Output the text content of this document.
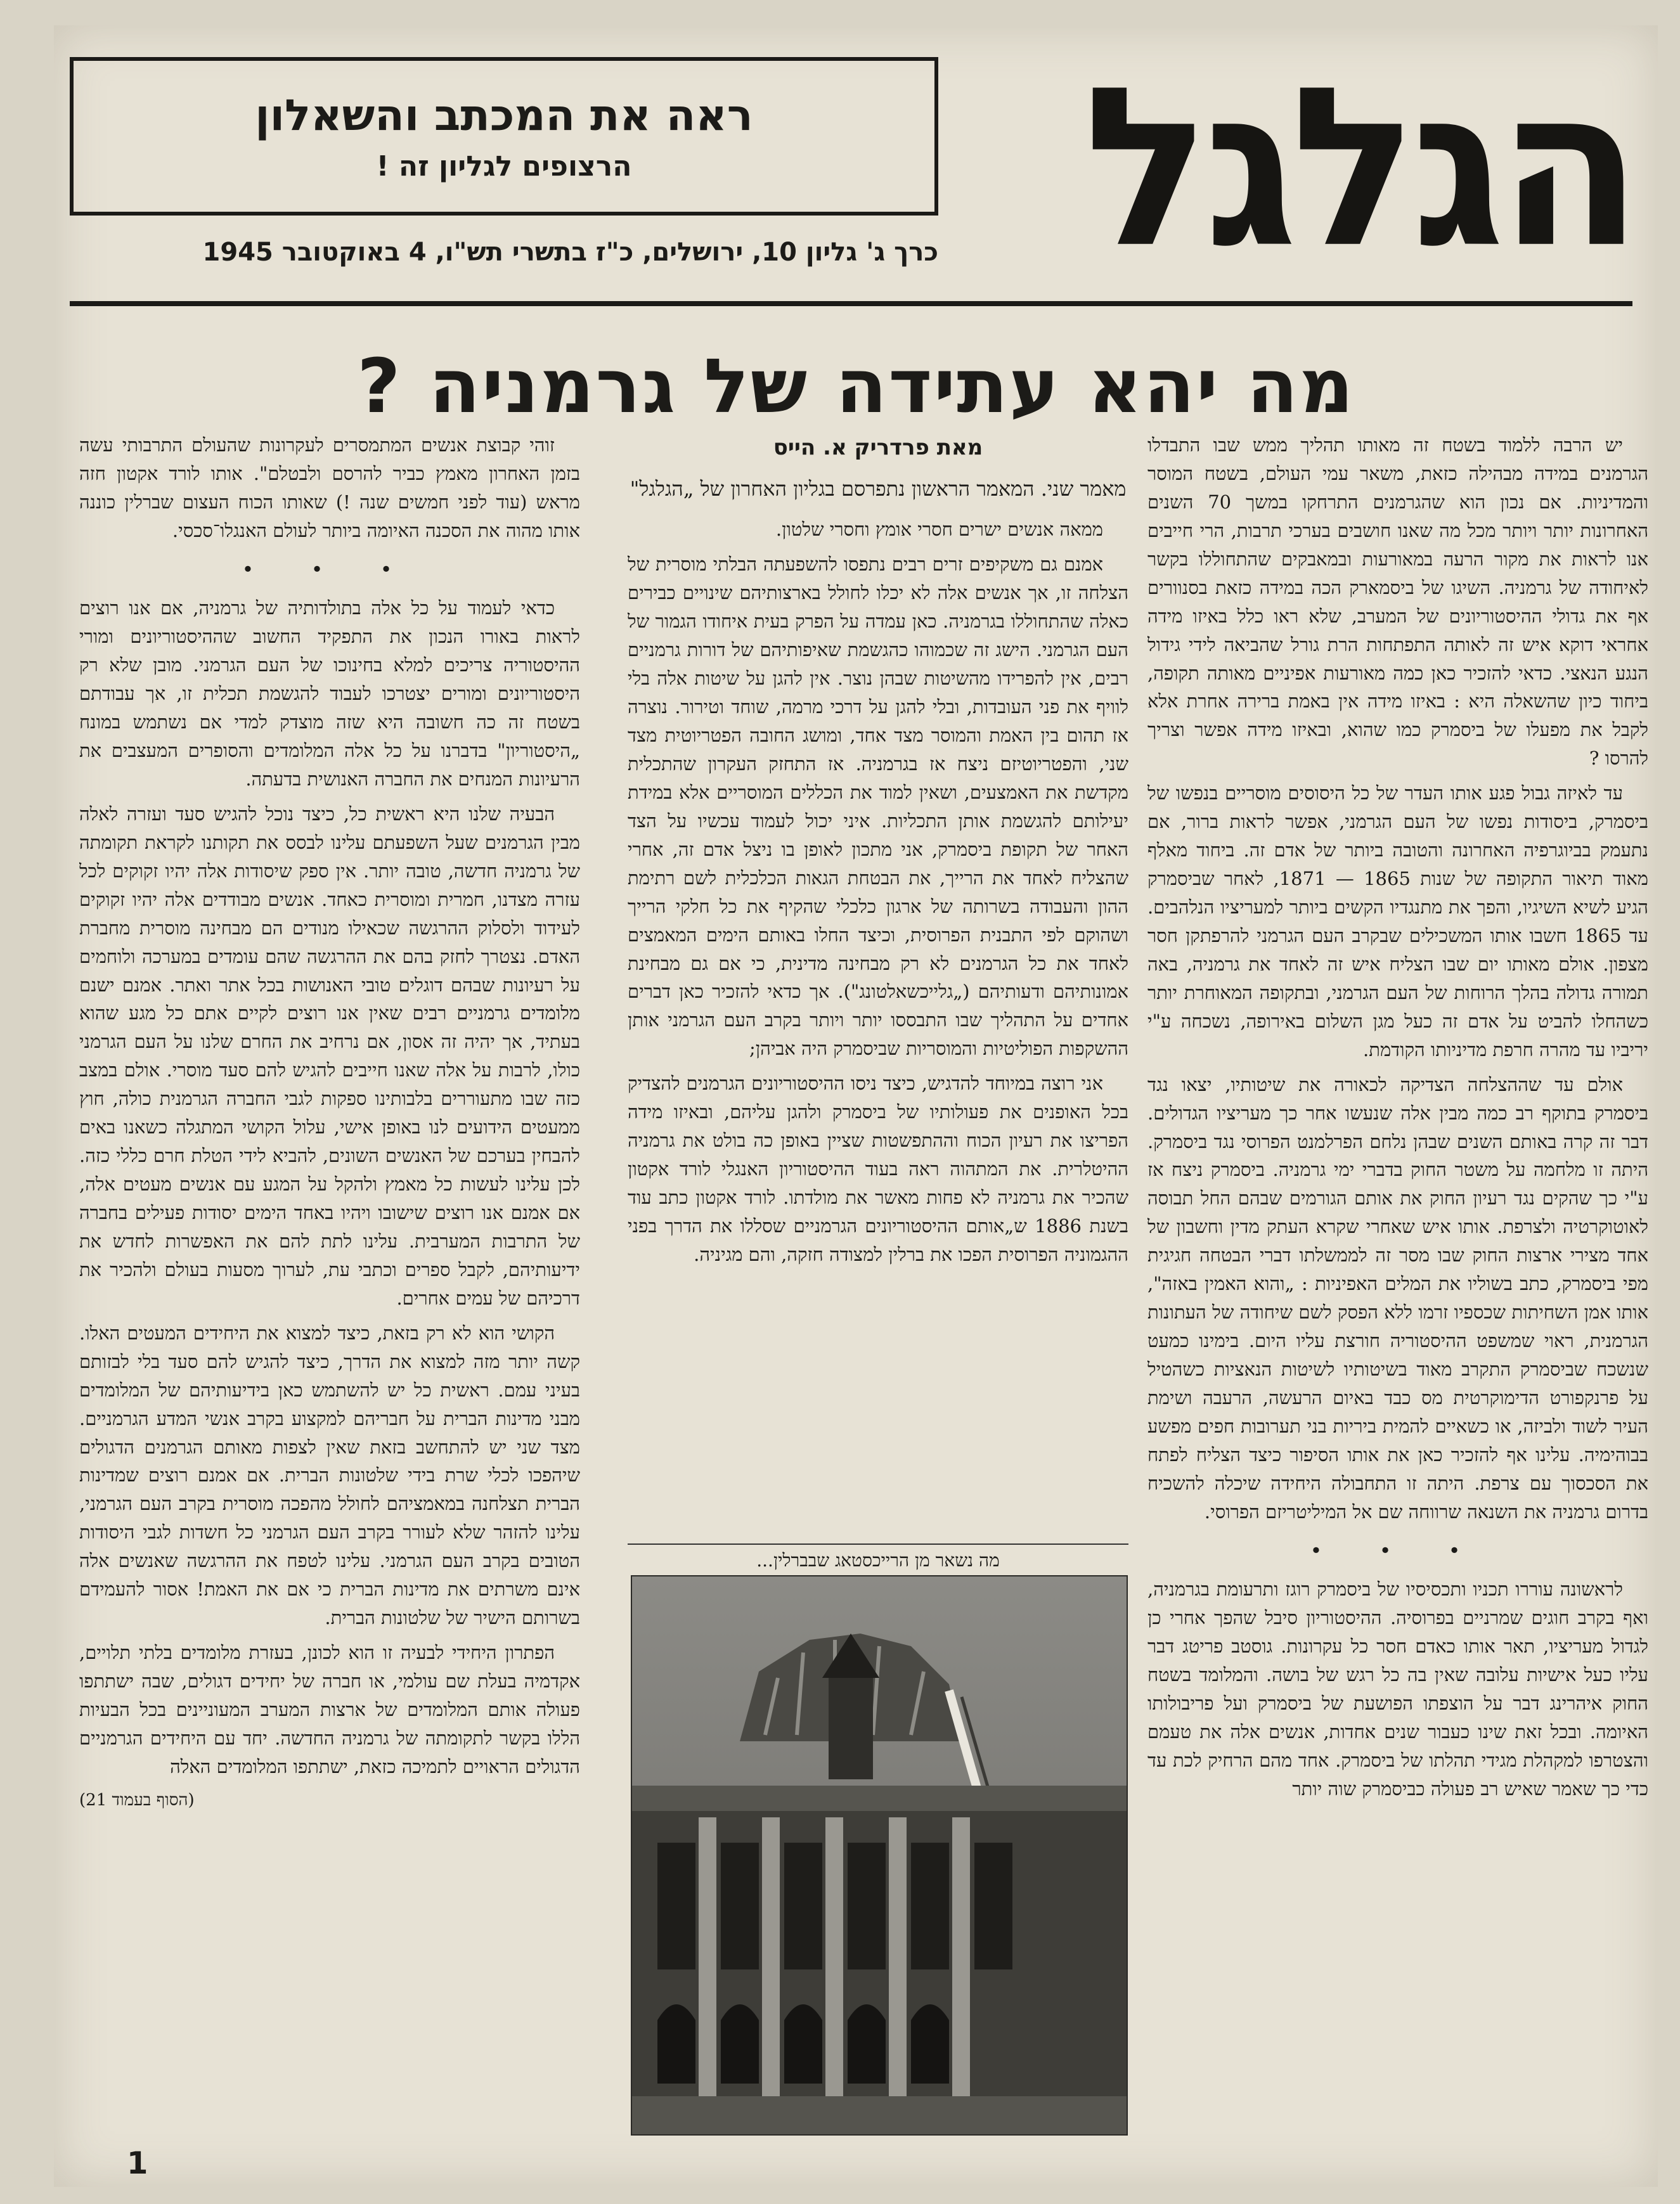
הגלגל
ראה את המכתב והשאלון
הרצופים לגליון זה !
כרך ג' גליון 10, ירושלים, כ"ז בתשרי תש"ו, 4 באוקטובר 1945
מה יהא עתידה של גרמניה ?

יש הרבה ללמוד בשטח זה מאותו תהליך ממש שבו התבדלו הגרמנים במידה מבהילה כזאת, משאר עמי העולם, בשטח המוסר והמדיניות. אם נכון הוא שהגרמנים התרחקו במשך 70 השנים האחרונות יותר ויותר מכל מה שאנו חושבים בערכי תרבות, הרי חייבים אנו לראות את מקור הרעה במאורעות ובמאבקים שהתחוללו בקשר לאיחודה של גרמניה. השיגו של ביסמארק הכה במידה כזאת בסנוורים אף את גדולי ההיסטוריונים של המערב, שלא ראו כלל באיזו מידה אחראי דוקא איש זה לאותה התפתחות הרת גורל שהביאה לידי גידול הנגע הנאצי. כדאי להזכיר כאן כמה מאורעות אפיניים מאותה תקופה, ביחוד כיון שהשאלה היא : באיזו מידה אין באמת ברירה אחרת אלא לקבל את מפעלו של ביסמרק כמו שהוא, ובאיזו מידה אפשר וצריך להרסו ?

עד לאיזה גבול פגע אותו העדר של כל היסוסים מוסריים בנפשו של ביסמרק, ביסודות נפשו של העם הגרמני, אפשר לראות ברור, אם נתעמק בביוגרפיה האחרונה והטובה ביותר של אדם זה. ביחוד מאלף מאוד תיאור התקופה של שנות 1865 — 1871, לאחר שביסמרק הגיע לשיא השיגיו, והפך את מתנגדיו הקשים ביותר למעריציו הנלהבים. עד 1865 חשבו אותו המשכילים שבקרב העם הגרמני להרפתקן חסר מצפון. אולם מאותו יום שבו הצליח איש זה לאחד את גרמניה, באה תמורה גדולה בהלך הרוחות של העם הגרמני, ובתקופה המאוחרת יותר כשהחלו להביט על אדם זה כעל מגן השלום באירופה, נשכחה ע"י יריביו עד מהרה חרפת מדיניותו הקודמת.

אולם עד שההצלחה הצדיקה לכאורה את שיטותיו, יצאו נגד ביסמרק בתוקף רב כמה מבין אלה שנעשו אחר כך מעריציו הגדולים. דבר זה קרה באותם השנים שבהן נלחם הפרלמנט הפרוסי נגד ביסמרק. היתה זו מלחמה על משטר החוק בדברי ימי גרמניה. ביסמרק ניצח אז ע"י כך שהקים נגד רעיון החוק את אותם הגורמים שבהם החל תבוסה לאוטוקרטיה ולצרפת. אותו איש שאחרי שקרא העתק מדין וחשבון של אחד מצירי ארצות החוק שבו מסר זה לממשלתו דברי הבטחה חגיגית מפי ביסמרק, כתב בשוליו את המלים האפיניות : „והוא האמין באזה", אותו אמן השחיתות שכספיו זרמו ללא הפסק לשם שיחודה של העתונות הגרמנית, ראוי שמשפט ההיסטוריה חורצת עליו היום. בימינו כמעט שנשכח שביסמרק התקרב מאוד בשיטותיו לשיטות הנאציות כשהטיל על פרנקפורט הדימוקרטית מס כבד באיום הרעשה, הרעבה ושימת העיר לשוד ולביזה, או כשאיים להמית ביריות בני תערובות חפים מפשע בבוהימיה. עלינו אף להזכיר כאן את אותו הסיפור כיצד הצליח לפתח את הסכסוך עם צרפת. היתה זו התחבולה היחידה שיכלה להשכיח בדרום גרמניה את השנאה שרווחה שם אל המיליטריזם הפרוסי.

• • •

לראשונה עוררו תכניו ותכסיסיו של ביסמרק רוגז ותרעומת בגרמניה, ואף בקרב חוגים שמרניים בפרוסיה. ההיסטוריון סיבל שהפך אחרי כן לגדול מעריציו, תאר אותו כאדם חסר כל עקרונות. גוסטב פריטג דבר עליו כעל אישיות עלובה שאין בה כל רגש של בושה. והמלומד בשטח החוק איהרינג דבר על הוצפתו הפושעת של ביסמרק ועל פריבולותו האיומה. ובכל זאת שינו כעבור שנים אחדות, אנשים אלה את טעמם והצטרפו למקהלת מגידי תהלתו של ביסמרק. אחד מהם הרחיק לכת עד כדי כך שאמר שאיש רב פעולה כביסמרק שוה יותר

מאת פרדריק א. הייס
מאמר שני. המאמר הראשון נתפרסם בגליון האחרון של „הגלגל"

ממאה אנשים ישרים חסרי אומץ וחסרי שלטון.

אמנם גם משקיפים זרים רבים נתפסו להשפעתה הבלתי מוסרית של הצלחה זו, אך אנשים אלה לא יכלו לחולל בארצותיהם שינויים כבירים כאלה שהתחוללו בגרמניה. כאן עמדה על הפרק בעית איחודו הגמור של העם הגרמני. הישג זה שכמוהו כהגשמת שאיפותיהם של דורות גרמניים רבים, אין להפרידו מהשיטות שבהן נוצר. אין להגן על שיטות אלה בלי לוויף את פני העובדות, ובלי להגן על דרכי מרמה, שוחד וטירור. נוצרה אז תהום בין האמת והמוסר מצד אחד, ומושג החובה הפטריוטית מצד שני, והפטריוטיזם ניצח אז בגרמניה. אז התחזק העקרון שהתכלית מקדשת את האמצעים, ושאין למוד את הכללים המוסריים אלא במידת יעילותם להגשמת אותן התכליות. איני יכול לעמוד עכשיו על הצד האחר של תקופת ביסמרק, אני מתכון לאופן בו ניצל אדם זה, אחרי שהצליח לאחד את הרייך, את הבטחת הגאות הכלכלית לשם רתימת ההון והעבודה בשרותה של ארגון כלכלי שהקיף את כל חלקי הרייך ושהוקם לפי התבנית הפרוסית, וכיצד החלו באותם הימים המאמצים לאחד את כל הגרמנים לא רק מבחינה מדינית, כי אם גם מבחינת אמונותיהם ודעותיהם („גלייכשאלטונג"). אך כדאי להזכיר כאן דברים אחדים על התהליך שבו התבססו יותר ויותר בקרב העם הגרמני אותן ההשקפות הפוליטיות והמוסריות שביסמרק היה אביהן;

אני רוצה במיוחד להדגיש, כיצד ניסו ההיסטוריונים הגרמנים להצדיק בכל האופנים את פעולותיו של ביסמרק ולהגן עליהם, ובאיזו מידה הפריצו את רעיון הכוח וההתפשטות שציין באופן כה בולט את גרמניה ההיטלרית. את המתהוה ראה בעוד ההיסטוריון האנגלי לורד אקטון שהכיר את גרמניה לא פחות מאשר את מולדתו. לורד אקטון כתב עוד בשנת 1886 ש„אותם ההיסטוריונים הגרמניים שסללו את הדרך בפני ההגמוניה הפרוסית הפכו את ברלין למצודה חזקה, והם מגיניה.

מה נשאר מן הרייכסטאג שבברלין...

זוהי קבוצת אנשים המתמסרים לעקרונות שהעולם התרבותי עשה בזמן האחרון מאמץ כביר להרסם ולבטלם". אותו לורד אקטון חזה מראש (עוד לפני חמשים שנה !) שאותו הכוח העצום שברלין כוננה אותו מהוה את הסכנה האיומה ביותר לעולם האנגלו־סכסי.

• • •

כדאי לעמוד על כל אלה בתולדותיה של גרמניה, אם אנו רוצים לראות באורו הנכון את התפקיד החשוב שההיסטוריונים ומורי ההיסטוריה צריכים למלא בחינוכו של העם הגרמני. מובן שלא רק היסטוריונים ומורים יצטרכו לעבוד להגשמת תכלית זו, אך עבודתם בשטח זה כה חשובה היא שזה מוצדק למדי אם נשתמש במונח „היסטוריון" בדברנו על כל אלה המלומדים והסופרים המעצבים את הרעיונות המנחים את החברה האנושית בדעתה.

הבעיה שלנו היא ראשית כל, כיצד נוכל להגיש סעד ועזרה לאלה מבין הגרמנים שעל השפעתם עלינו לבסס את תקותנו לקראת תקומתה של גרמניה חדשה, טובה יותר. אין ספק שיסודות אלה יהיו זקוקים לכל עזרה מצדנו, חמרית ומוסרית כאחד. אנשים מבודדים אלה יהיו זקוקים לעידוד ולסלוק ההרגשה שכאילו מנודים הם מבחינה מוסרית מחברת האדם. נצטרך לחזק בהם את ההרגשה שהם עומדים במערכה ולוחמים על רעיונות שבהם דוגלים טובי האנושות בכל אתר ואתר. אמנם ישנם מלומדים גרמניים רבים שאין אנו רוצים לקיים אתם כל מגע שהוא בעתיד, אך יהיה זה אסון, אם נרחיב את החרם שלנו על העם הגרמני כולו, לרבות על אלה שאנו חייבים להגיש להם סעד מוסרי. אולם במצב כזה שבו מתעוררים בלבותינו ספקות לגבי החברה הגרמנית כולה, חוץ ממעטים הידועים לנו באופן אישי, עלול הקושי המתגלה כשאנו באים להבחין בערכם של האנשים השונים, להביא לידי הטלת חרם כללי כזה. לכן עלינו לעשות כל מאמץ ולהקל על המגע עם אנשים מעטים אלה, אם אמנם אנו רוצים שישובו ויהיו באחד הימים יסודות פעילים בחברה של התרבות המערבית. עלינו לתת להם את האפשרות לחדש את ידיעותיהם, לקבל ספרים וכתבי עת, לערוך מסעות בעולם ולהכיר את דרכיהם של עמים אחרים.

הקושי הוא לא רק בזאת, כיצד למצוא את היחידים המעטים האלו. קשה יותר מזה למצוא את הדרך, כיצד להגיש להם סעד בלי לבזותם בעיני עמם. ראשית כל יש להשתמש כאן בידיעותיהם של המלומדים מבני מדינות הברית על חבריהם למקצוע בקרב אנשי המדע הגרמניים. מצד שני יש להתחשב בזאת שאין לצפות מאותם הגרמנים הדגולים שיהפכו לכלי שרת בידי שלטונות הברית. אם אמנם רוצים שמדינות הברית תצלחנה במאמציהם לחולל מהפכה מוסרית בקרב העם הגרמני, עלינו להזהר שלא לעורר בקרב העם הגרמני כל חשדות לגבי היסודות הטובים בקרב העם הגרמני. עלינו לטפח את ההרגשה שאנשים אלה אינם משרתים את מדינות הברית כי אם את האמת! אסור להעמידם בשרותם הישיר של שלטונות הברית.

הפתרון היחידי לבעיה זו הוא לכונן, בעזרת מלומדים בלתי תלויים, אקדמיה בעלת שם עולמי, או חברה של יחידים דגולים, שבה ישתתפו פעולה אותם המלומדים של ארצות המערב המעוניינים בכל הבעיות הללו בקשר לתקומתה של גרמניה החדשה. יחד עם היחידים הגרמניים הדגולים הראויים לתמיכה כזאת, ישתתפו המלומדים האלה

(הסוף בעמוד 21)
1
